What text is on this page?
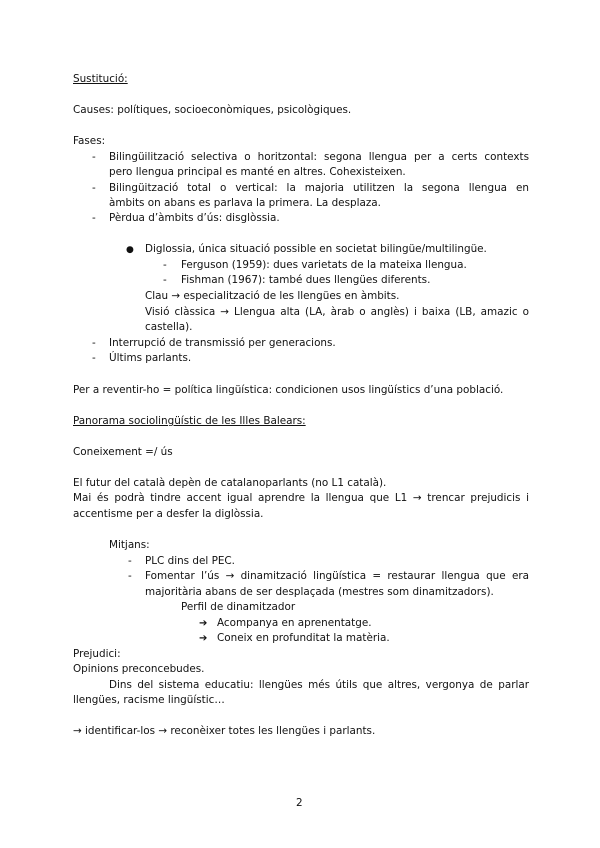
Sustitució:
Causes: polítiques, socioeconòmiques, psicològiques.
Fases:
- Bilingüilització selectiva o horitzontal: segona llengua per a certs contexts
pero llengua principal es manté en altres. Cohexisteixen.
- Bilingüització total o vertical: la majoria utilitzen la segona llengua en
àmbits on abans es parlava la primera. La desplaza.
- Pèrdua d’àmbits d’ús: disglòssia.
● Diglossia, única situació possible en societat bilingüe/multilingüe.
- Ferguson (1959): dues varietats de la mateixa llengua.
- Fishman (1967): també dues llengües diferents.
Clau → especialització de les llengües en àmbits.
Visió clàssica → Llengua alta (LA, àrab o anglès) i baixa (LB, amazic o
castella).
- Interrupció de transmissió per generacions.
- Últims parlants.
Per a reventir-ho = política lingüística: condicionen usos lingüístics d’una població.
Panorama sociolingüístic de les Illes Balears:
Coneixement =/ ús
El futur del català depèn de catalanoparlants (no L1 català).
Mai és podrà tindre accent igual aprendre la llengua que L1 → trencar prejudicis i
accentisme per a desfer la diglòssia.
Mitjans:
- PLC dins del PEC.
- Fomentar l’ús → dinamització lingüística = restaurar llengua que era
majoritària abans de ser desplaçada (mestres som dinamitzadors).
Perfil de dinamitzador
➔ Acompanya en aprenentatge.
➔ Coneix en profunditat la matèria.
Prejudici:
Opinions preconcebudes.
Dins del sistema educatiu: llengües més útils que altres, vergonya de parlar
llengües, racisme lingüístic…
→ identificar-los → reconèixer totes les llengües i parlants.
2
